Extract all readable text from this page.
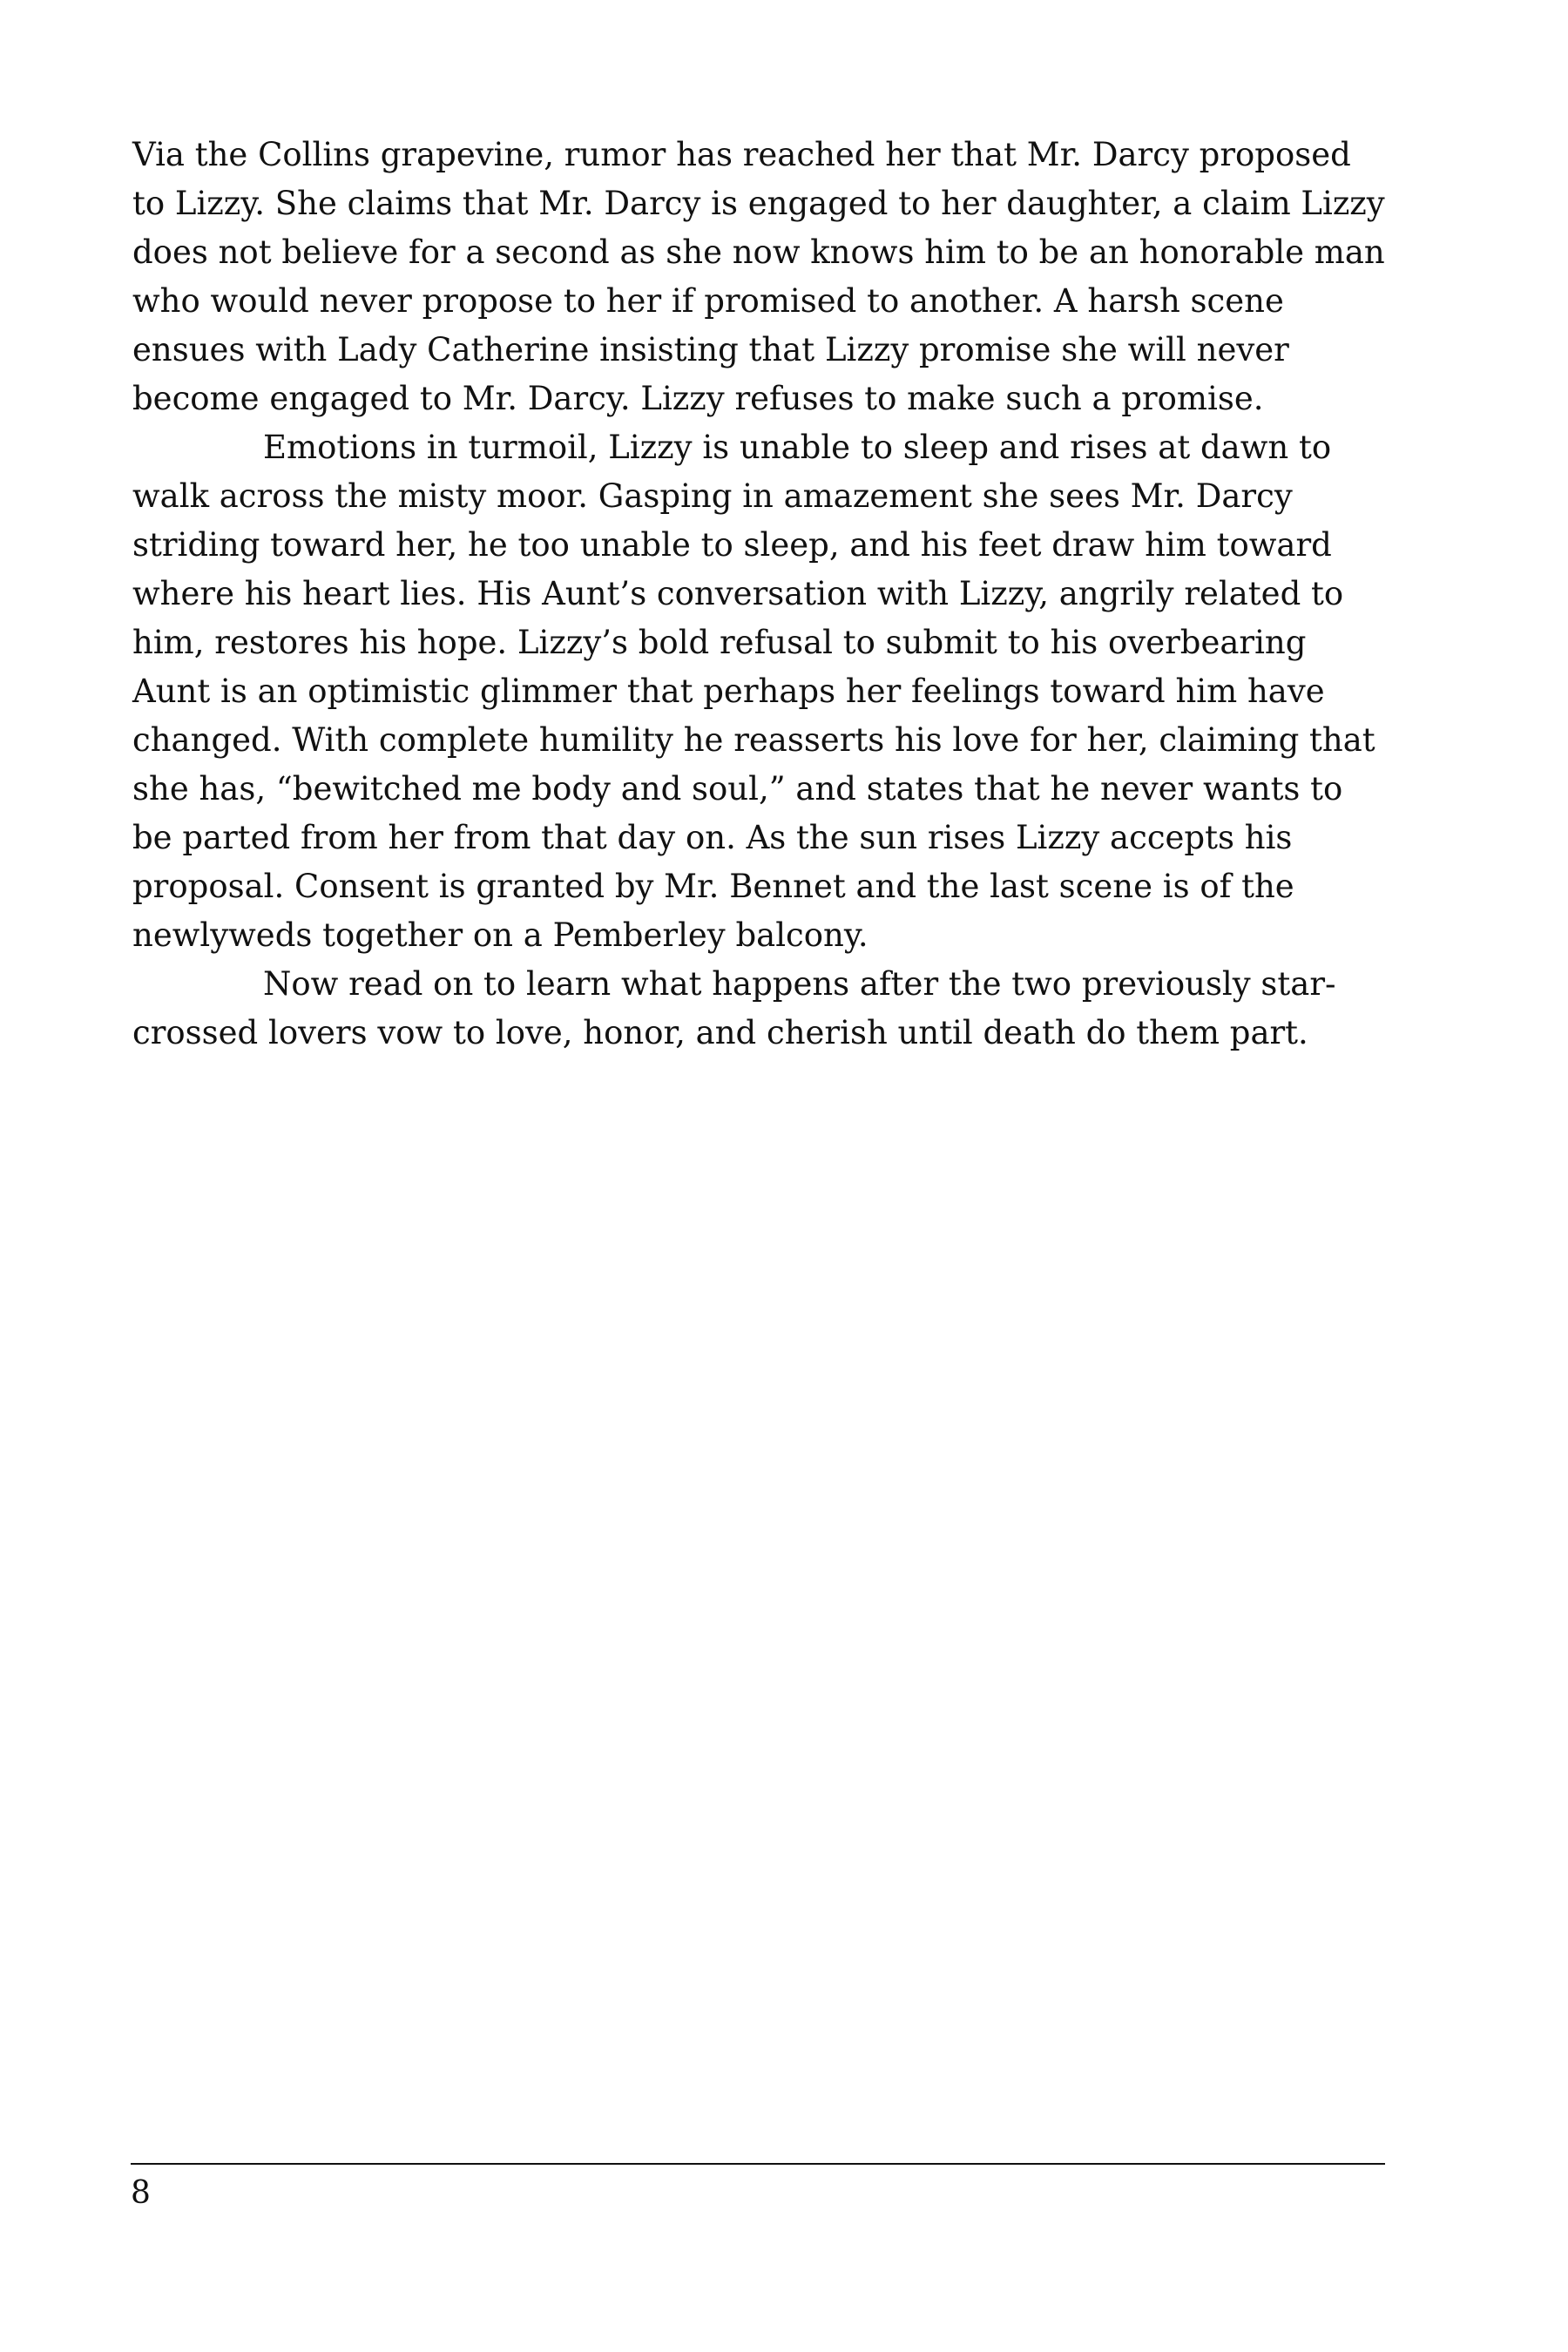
Via the Collins grapevine, rumor has reached her that Mr. Darcy proposed to Lizzy. She claims that Mr. Darcy is engaged to her daughter, a claim Lizzy does not believe for a second as she now knows him to be an honorable man who would never propose to her if promised to another. A harsh scene ensues with Lady Catherine insisting that Lizzy promise she will never become engaged to Mr. Darcy. Lizzy refuses to make such a promise.

Emotions in turmoil, Lizzy is unable to sleep and rises at dawn to walk across the misty moor. Gasping in amazement she sees Mr. Darcy striding toward her, he too unable to sleep, and his feet draw him toward where his heart lies. His Aunt’s conversation with Lizzy, angrily related to him, restores his hope. Lizzy’s bold refusal to submit to his overbearing Aunt is an optimistic glimmer that perhaps her feelings toward him have changed. With complete humility he reasserts his love for her, claiming that she has, “bewitched me body and soul,” and states that he never wants to be parted from her from that day on. As the sun rises Lizzy accepts his proposal. Consent is granted by Mr. Bennet and the last scene is of the newlyweds together on a Pemberley balcony.

Now read on to learn what happens after the two previously star-crossed lovers vow to love, honor, and cherish until death do them part.

8
